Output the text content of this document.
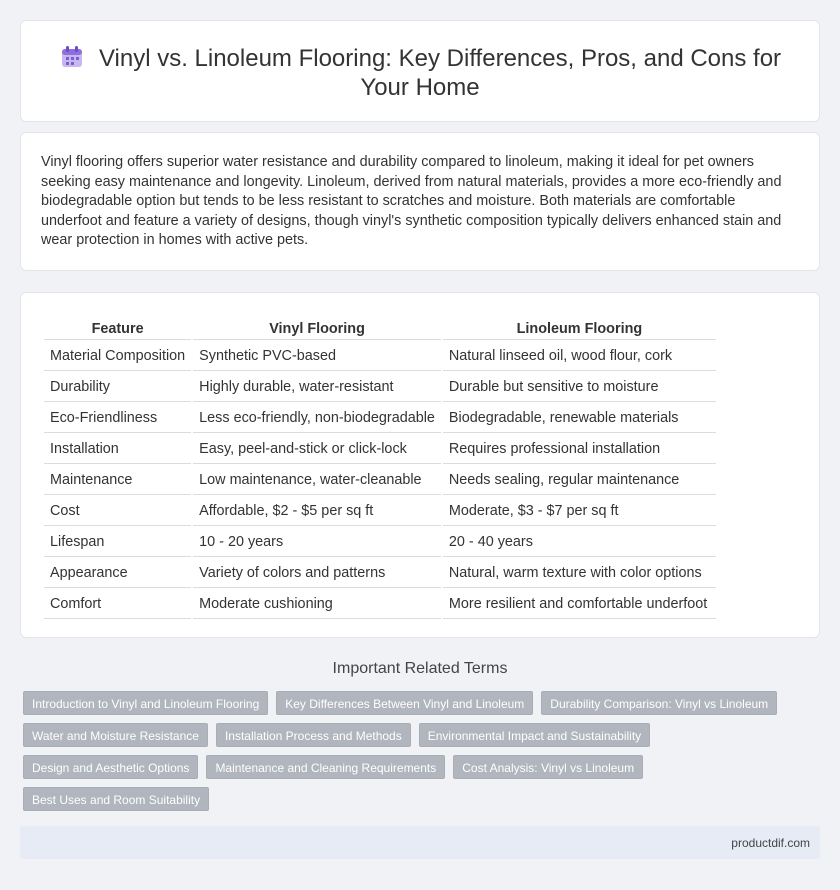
Vinyl vs. Linoleum Flooring: Key Differences, Pros, and Cons for
Your Home

Vinyl flooring offers superior water resistance and durability compared to linoleum, making it ideal for pet owners seeking easy maintenance and longevity. Linoleum, derived from natural materials, provides a more eco-friendly and biodegradable option but tends to be less resistant to scratches and moisture. Both materials are comfortable underfoot and feature a variety of designs, though vinyl's synthetic composition typically delivers enhanced stain and wear protection in homes with active pets.

Feature	Vinyl Flooring	Linoleum Flooring
Material Composition	Synthetic PVC-based	Natural linseed oil, wood flour, cork
Durability	Highly durable, water-resistant	Durable but sensitive to moisture
Eco-Friendliness	Less eco-friendly, non-biodegradable	Biodegradable, renewable materials
Installation	Easy, peel-and-stick or click-lock	Requires professional installation
Maintenance	Low maintenance, water-cleanable	Needs sealing, regular maintenance
Cost	Affordable, $2 - $5 per sq ft	Moderate, $3 - $7 per sq ft
Lifespan	10 - 20 years	20 - 40 years
Appearance	Variety of colors and patterns	Natural, warm texture with color options
Comfort	Moderate cushioning	More resilient and comfortable underfoot
Important Related Terms
Introduction to Vinyl and Linoleum Flooring	Key Differences Between Vinyl and Linoleum	Durability Comparison: Vinyl vs Linoleum
Water and Moisture Resistance	Installation Process and Methods	Environmental Impact and Sustainability
Design and Aesthetic Options	Maintenance and Cleaning Requirements	Cost Analysis: Vinyl vs Linoleum
Best Uses and Room Suitability
productdif.com
